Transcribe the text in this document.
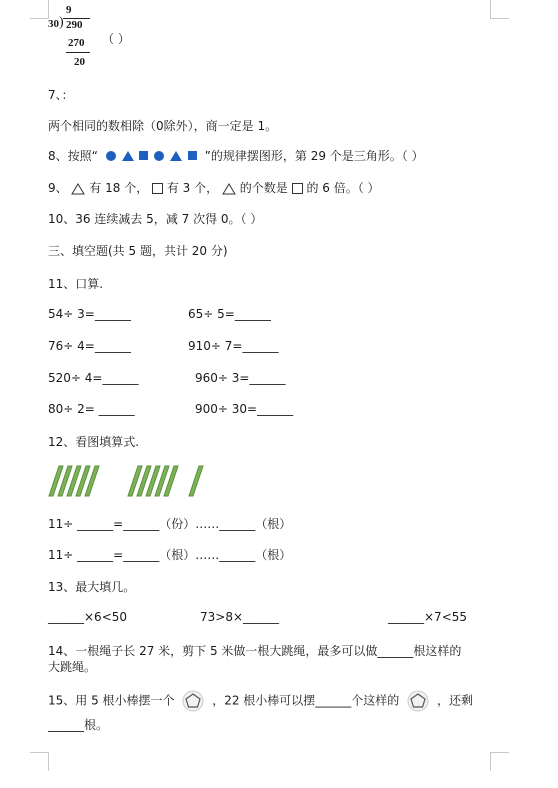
9
30 ) 290
270
20
（ ）
7、：
两个相同的数相除（0除外），商一定是 1。
8、按照“	”的规律摆图形，第 29 个是三角形。（ ）
9、  有 18 个， 有 3 个， 的个数是 的 6 倍。（ ）
10、36 连续减去 5，减 7 次得 0。（ ）
三、填空题(共 5 题，共计 20 分)
11、口算.
54÷ 3=______	65÷ 5=______
76÷ 4=______	910÷ 7=______
520÷ 4=______	960÷ 3=______
80÷ 2= ______	900÷ 30=______
12、看图填算式.
11÷ ______=______（份）……______（根）
11÷ ______=______（根）……______（根）
13、最大填几。
______×6<50	73>8×______	______×7<55
14、一根绳子长 27 米，剪下 5 米做一根大跳绳，最多可以做______根这样的
大跳绳。
15、用 5 根小棒摆一个	，22 根小棒可以摆______个这样的	，还剩
______根。
